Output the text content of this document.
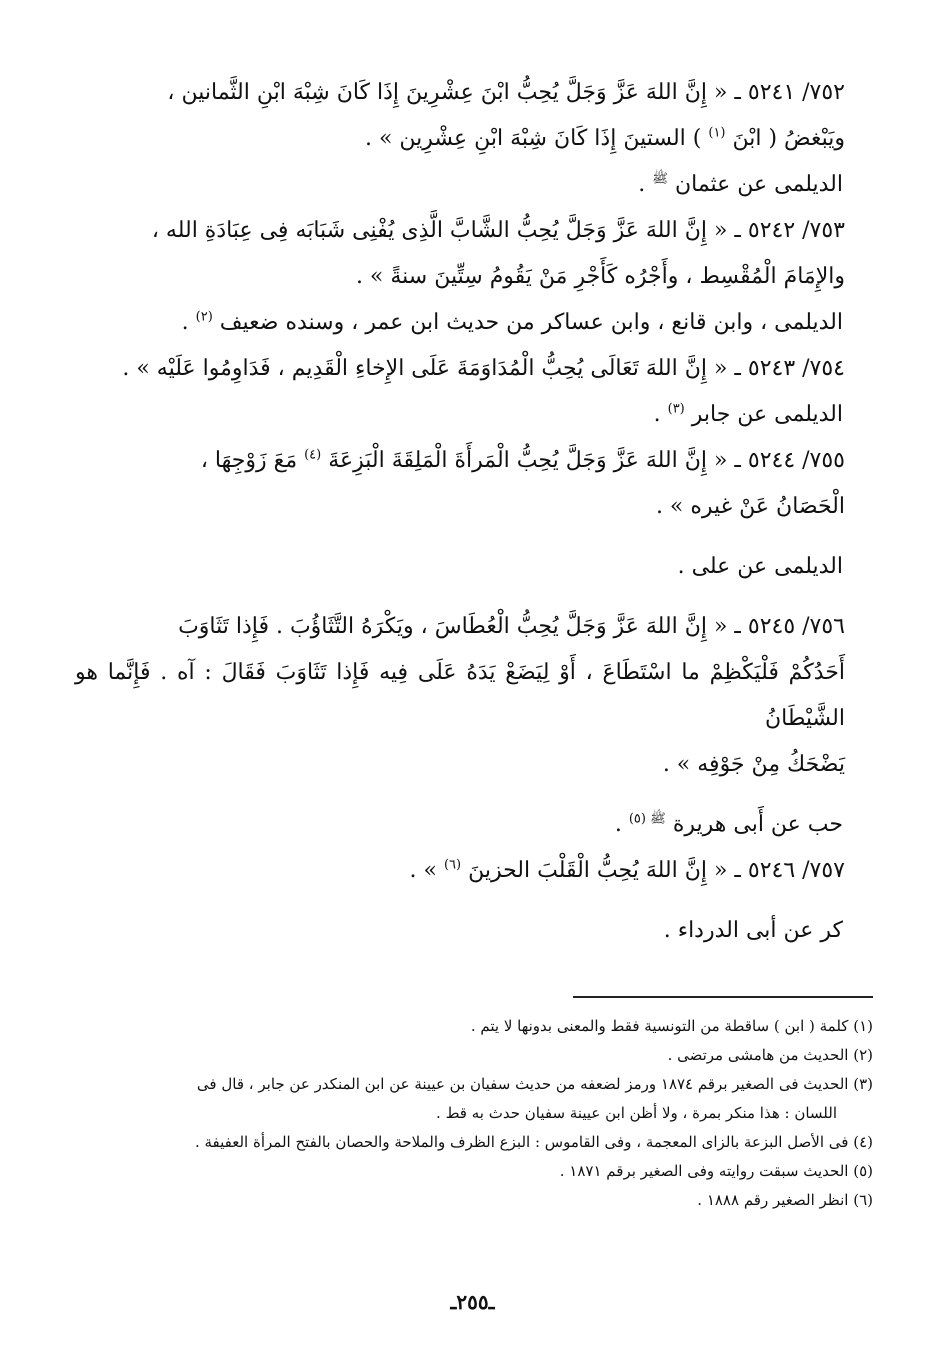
٧٥٢/ ٥٢٤١ ـ « إِنَّ اللهَ عَزَّ وَجَلَّ يُحِبُّ ابْنَ عِشْرِينَ إِذَا كَانَ شِبْهَ ابْنِ الثَّمانين ،
ويَبْغضُ ( ابْنَ $^{(١)}$ ) الستينَ إِذَا كَانَ شِبْهَ ابْنِ عِشْرِين » .
الديلمى عن عثمان $^ﷺ$ .
٧٥٣/ ٥٢٤٢ ـ « إِنَّ اللهَ عَزَّ وَجَلَّ يُحِبُّ الشَّابَّ الَّذِى يُفْنِى شَبَابَه فِى عِبَادَةِ الله ،
والإِمَامَ الْمُقْسِط ، وأَجْرُه كَأَجْرِ مَنْ يَقُومُ سِتِّينَ سنةً » .
الديلمى ، وابن قانع ، وابن عساكر من حديث ابن عمر ، وسنده ضعيف $^{(٢)}$ .
٧٥٤/ ٥٢٤٣ ـ « إِنَّ اللهَ تَعَالَى يُحِبُّ الْمُدَاوَمَةَ عَلَى الإِخاءِ الْقَدِيم ، فَدَاوِمُوا عَلَيْه » .
الديلمى عن جابر $^{(٣)}$ .
٧٥٥/ ٥٢٤٤ ـ « إِنَّ اللهَ عَزَّ وَجَلَّ يُحِبُّ الْمَرأَةَ الْمَلِقَةَ الْبَزِعَةَ $^{(٤)}$ مَعَ زَوْجِهَا ،
الْحَصَانُ عَنْ غيره » .
الديلمى عن على .
٧٥٦/ ٥٢٤٥ ـ « إِنَّ اللهَ عَزَّ وَجَلَّ يُحِبُّ الْعُطَاسَ ، ويَكْرَهُ التَّثَاؤُبَ . فَإِذا تَثَاوَبَ
أَحَدُكُمْ فَلْيَكْظِمْ ما اسْتَطَاعَ ، أَوْ لِيَضَعْ يَدَهُ عَلَى فِيه فَإِذا تَثَاوَبَ فَقَالَ : آه . فَإِنَّما هو الشَّيْطَانُ
يَضْحَكُ مِنْ جَوْفِه » .
حب عن أَبى هريرة $^ﷺ$ $^{(٥)}$ .
٧٥٧/ ٥٢٤٦ ـ « إِنَّ اللهَ يُحِبُّ الْقَلْبَ الحزينَ $^{(٦)}$ » .
كر عن أبى الدرداء .

(١) كلمة ( ابن ) ساقطة من التونسية فقط والمعنى بدونها لا يتم .

(٢) الحديث من هامشى مرتضى .

(٣) الحديث فى الصغير برقم ١٨٧٤ ورمز لضعفه من حديث سفيان بن عيينة عن ابن المنكدر عن جابر ، قال فى

اللسان : هذا منكر بمرة ، ولا أظن ابن عيينة سفيان حدث به قط .

(٤) فى الأصل البزعة بالزاى المعجمة ، وفى القاموس : البزع الظرف والملاحة والحصان بالفتح المرأة العفيفة .

(٥) الحديث سبقت روايته وفى الصغير برقم ١٨٧١ .

(٦) انظر الصغير رقم ١٨٨٨ .

ـ٢٥٥ـ
